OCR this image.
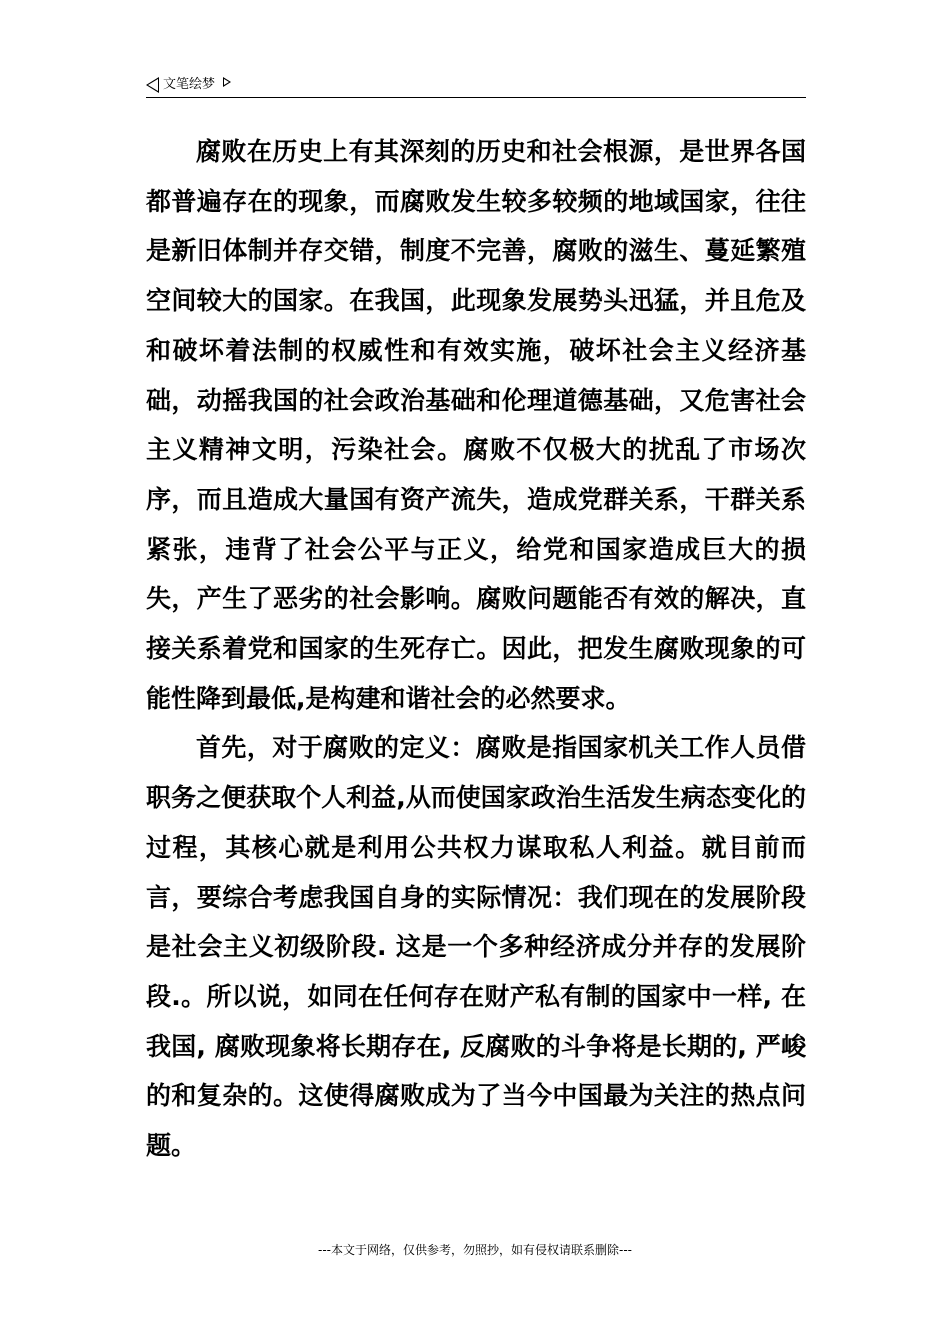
文笔绘梦

腐败在历史上有其深刻的历史和社会根源，是世界各国都普遍存在的现象，而腐败发生较多较频的地域国家，往往是新旧体制并存交错，制度不完善，腐败的滋生、蔓延繁殖空间较大的国家。在我国，此现象发展势头迅猛，并且危及和破坏着法制的权威性和有效实施，破坏社会主义经济基础，动摇我国的社会政治基础和伦理道德基础，又危害社会主义精神文明，污染社会。腐败不仅极大的扰乱了市场次序，而且造成大量国有资产流失，造成党群关系，干群关系紧张，违背了社会公平与正义，给党和国家造成巨大的损失，产生了恶劣的社会影响。腐败问题能否有效的解决，直接关系着党和国家的生死存亡。因此，把发生腐败现象的可能性降到最低,是构建和谐社会的必然要求。

首先，对于腐败的定义：腐败是指国家机关工作人员借职务之便获取个人利益,从而使国家政治生活发生病态变化的过程，其核心就是利用公共权力谋取私人利益。就目前而言，要综合考虑我国自身的实际情况：我们现在的发展阶段是社会主义初级阶段. 这是一个多种经济成分并存的发展阶段.。所以说，如同在任何存在财产私有制的国家中一样, 在我国, 腐败现象将长期存在, 反腐败的斗争将是长期的, 严峻的和复杂的。这使得腐败成为了当今中国最为关注的热点问题。

---本文于网络，仅供参考，勿照抄，如有侵权请联系删除---
